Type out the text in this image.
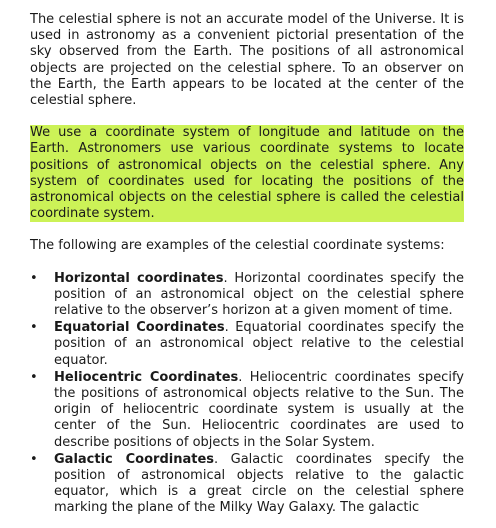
The celestial sphere is not an accurate model of the Universe. It is used in astronomy as a convenient pictorial presentation of the sky observed from the Earth. The positions of all astronomical objects are projected on the celestial sphere. To an observer on the Earth, the Earth appears to be located at the center of the celestial sphere.

We use a coordinate system of longitude and latitude on the Earth. Astronomers use various coordinate systems to locate positions of astronomical objects on the celestial sphere. Any system of coordinates used for locating the positions of the astronomical objects on the celestial sphere is called the celestial coordinate system.

The following are examples of the celestial coordinate systems:

• Horizontal coordinates. Horizontal coordinates specify the position of an astronomical object on the celestial sphere relative to the observer’s horizon at a given moment of time.
• Equatorial Coordinates. Equatorial coordinates specify the position of an astronomical object relative to the celestial equator.
• Heliocentric Coordinates. Heliocentric coordinates specify the positions of astronomical objects relative to the Sun. The origin of heliocentric coordinate system is usually at the center of the Sun. Heliocentric coordinates are used to describe positions of objects in the Solar System.
• Galactic Coordinates. Galactic coordinates specify the position of astronomical objects relative to the galactic equator, which is a great circle on the celestial sphere marking the plane of the Milky Way Galaxy. The galactic
